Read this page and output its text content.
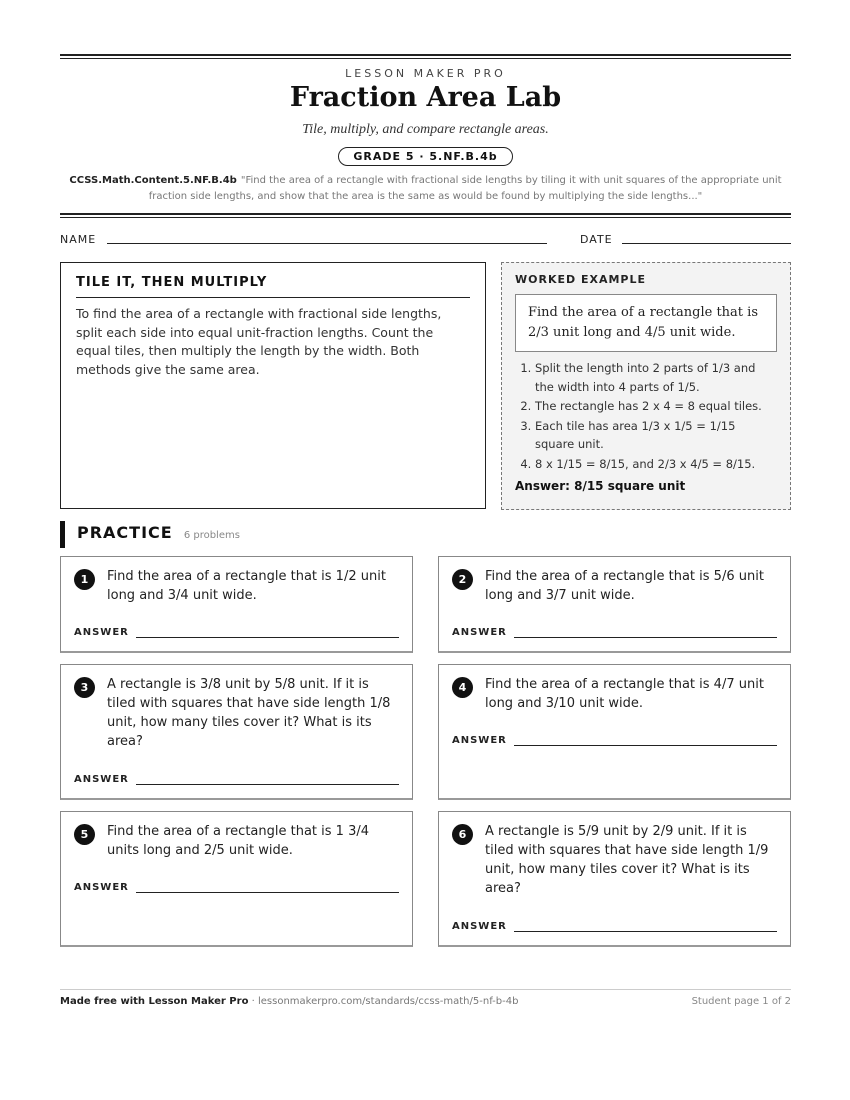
LESSON MAKER PRO
Fraction Area Lab
Tile, multiply, and compare rectangle areas.
GRADE 5 · 5.NF.B.4b
CCSS.Math.Content.5.NF.B.4b "Find the area of a rectangle with fractional side lengths by tiling it with unit squares of the appropriate unit fraction side lengths, and show that the area is the same as would be found by multiplying the side lengths..."
NAME	DATE
TILE IT, THEN MULTIPLY
To find the area of a rectangle with fractional side lengths, split each side into equal unit-fraction lengths. Count the equal tiles, then multiply the length by the width. Both methods give the same area.
WORKED EXAMPLE
Find the area of a rectangle that is 2/3 unit long and 4/5 unit wide.
1. Split the length into 2 parts of 1/3 and the width into 4 parts of 1/5.
2. The rectangle has 2 x 4 = 8 equal tiles.
3. Each tile has area 1/3 x 1/5 = 1/15 square unit.
4. 8 x 1/15 = 8/15, and 2/3 x 4/5 = 8/15.
Answer: 8/15 square unit
PRACTICE 6 problems
1	Find the area of a rectangle that is 1/2 unit long and 3/4 unit wide.
ANSWER
2	Find the area of a rectangle that is 5/6 unit long and 3/7 unit wide.
ANSWER
3	A rectangle is 3/8 unit by 5/8 unit. If it is tiled with squares that have side length 1/8 unit, how many tiles cover it? What is its area?
ANSWER
4	Find the area of a rectangle that is 4/7 unit long and 3/10 unit wide.
ANSWER
5	Find the area of a rectangle that is 1 3/4 units long and 2/5 unit wide.
ANSWER
6	A rectangle is 5/9 unit by 2/9 unit. If it is tiled with squares that have side length 1/9 unit, how many tiles cover it? What is its area?
ANSWER
Made free with Lesson Maker Pro · lessonmakerpro.com/standards/ccss-math/5-nf-b-4b	Student page 1 of 2
